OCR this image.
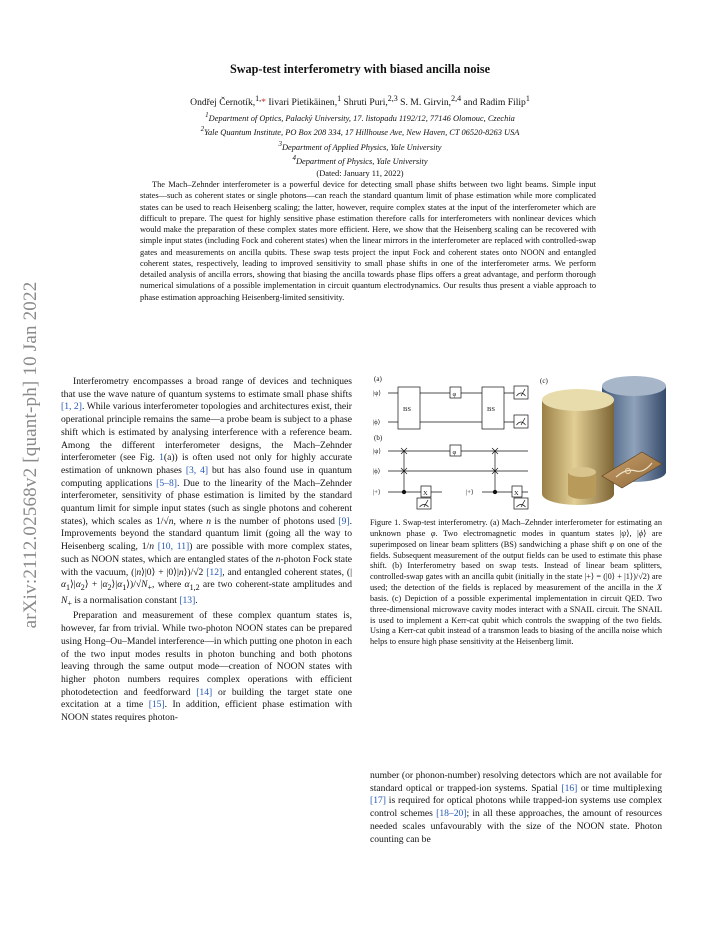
arXiv:2112.02568v2 [quant-ph] 10 Jan 2022
Swap-test interferometry with biased ancilla noise
Ondřej Černotík,$^{1,}$* Iivari Pietikäinen,$^1$ Shruti Puri,$^{2,3}$ S. M. Girvin,$^{2,4}$ and Radim Filip$^1$
$^1$Department of Optics, Palacký University, 17. listopadu 1192/12, 77146 Olomouc, Czechia
$^2$Yale Quantum Institute, PO Box 208 334, 17 Hillhouse Ave, New Haven, CT 06520-8263 USA
$^3$Department of Applied Physics, Yale University
$^4$Department of Physics, Yale University
(Dated: January 11, 2022)
The Mach–Zehnder interferometer is a powerful device for detecting small phase shifts between two light beams. Simple input states—such as coherent states or single photons—can reach the standard quantum limit of phase estimation while more complicated states can be used to reach Heisenberg scaling; the latter, however, require complex states at the input of the interferometer which are difficult to prepare. The quest for highly sensitive phase estimation therefore calls for interferometers with nonlinear devices which would make the preparation of these complex states more efficient. Here, we show that the Heisenberg scaling can be recovered with simple input states (including Fock and coherent states) when the linear mirrors in the interferometer are replaced with controlled-swap gates and measurements on ancilla qubits. These swap tests project the input Fock and coherent states onto NOON and entangled coherent states, respectively, leading to improved sensitivity to small phase shifts in one of the interferometer arms. We perform detailed analysis of ancilla errors, showing that biasing the ancilla towards phase flips offers a great advantage, and perform thorough numerical simulations of a possible implementation in circuit quantum electrodynamics. Our results thus present a viable approach to phase estimation approaching Heisenberg-limited sensitivity.

Interferometry encompasses a broad range of devices and techniques that use the wave nature of quantum systems to estimate small phase shifts [1, 2]. While various interferometer topologies and architectures exist, their operational principle remains the same—a probe beam is subject to a phase shift which is estimated by analysing interference with a reference beam. Among the different interferometer designs, the Mach–Zehnder interferometer (see Fig. 1(a)) is often used not only for highly accurate estimation of unknown phases [3, 4] but has also found use in quantum computing applications [5–8]. Due to the linearity of the Mach–Zehnder interferometer, sensitivity of phase estimation is limited by the standard quantum limit for simple input states (such as single photons and coherent states), which scales as 1/√n, where n is the number of photons used [9]. Improvements beyond the standard quantum limit (going all the way to Heisenberg scaling, 1/n [10, 11]) are possible with more complex states, such as NOON states, which are entangled states of the n-photon Fock state with the vacuum, (|n⟩|0⟩ + |0⟩|n⟩)/√2 [12], and entangled coherent states, ($|\alpha_1⟩|\alpha_2⟩$ + $|\alpha_2⟩|\alpha_1⟩)/√N_+$, where $\alpha_{1,2}$ are two coherent-state amplitudes and $N_+$ is a normalisation constant [13].

Preparation and measurement of these complex quantum states is, however, far from trivial. While two-photon NOON states can be prepared using Hong–Ou–Mandel interference—in which putting one photon in each of the two input modes results in photon bunching and both photons leaving through the same output mode—creation of NOON states with higher photon numbers requires complex operations with efficient photodetection and feedforward [14] or building the target state one excitation at a time [15]. In addition, efficient phase estimation with NOON states requires photon-

(a)
|ψ⟩
|ϕ⟩
BS
φ
BS
(b)
|ψ⟩
|ϕ⟩
|+⟩	X
φ
|+⟩	X
(c)
Figure 1. Swap-test interferometry. (a) Mach–Zehnder interferometer for estimating an unknown phase φ. Two electromagnetic modes in quantum states |ψ⟩, |ϕ⟩ are superimposed on linear beam splitters (BS) sandwiching a phase shift φ on one of the fields. Subsequent measurement of the output fields can be used to estimate this phase shift. (b) Interferometry based on swap tests. Instead of linear beam splitters, controlled-swap gates with an ancilla qubit (initially in the state |+⟩ = (|0⟩ + |1⟩)/√2) are used; the detection of the fields is replaced by measurement of the ancilla in the X basis. (c) Depiction of a possible experimental implementation in circuit QED. Two three-dimensional microwave cavity modes interact with a SNAIL circuit. The SNAIL is used to implement a Kerr-cat qubit which controls the swapping of the two fields. Using a Kerr-cat qubit instead of a transmon leads to biasing of the ancilla noise which helps to ensure high phase sensitivity at the Heisenberg limit.

number (or phonon-number) resolving detectors which are not available for standard optical or trapped-ion systems. Spatial [16] or time multiplexing [17] is required for optical photons while trapped-ion systems use complex control schemes [18–20]; in all these approaches, the amount of resources needed scales unfavourably with the size of the NOON state. Photon counting can be
